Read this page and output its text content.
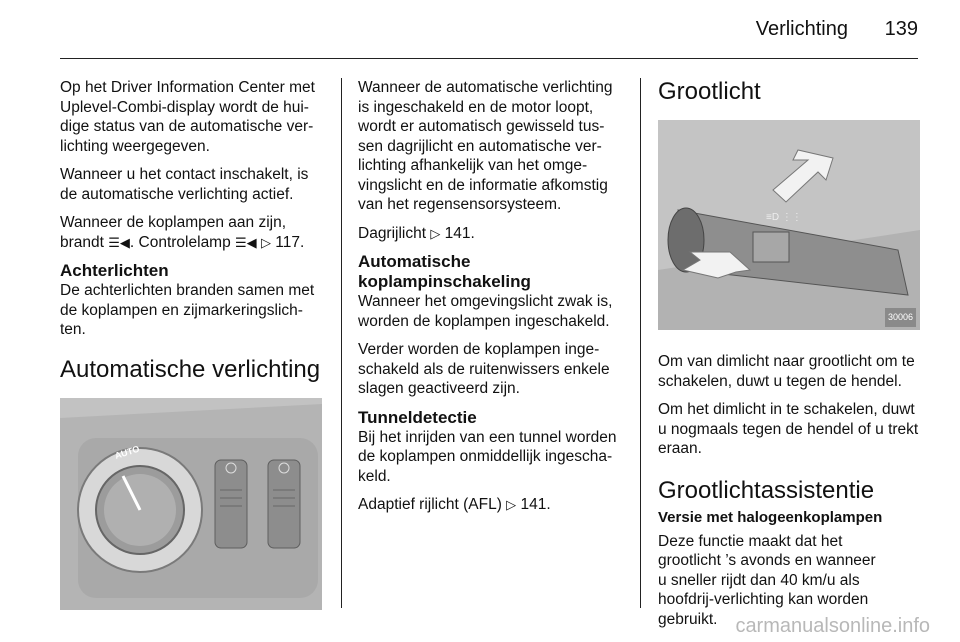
Verlichting	139

Op het Driver Information Center met Uplevel-Combi-display wordt de hui-dige status van de automatische ver-lichting weergegeven.

Wanneer u het contact inschakelt, is de automatische verlichting actief.

Wanneer de koplampen aan zijn, brandt ☰◀. Controlelamp ☰◀ ▷ 117.

Achterlichten

De achterlichten branden samen met de koplampen en zijmarkeringslich-ten.

Automatische verlichting
AUTO

Wanneer de automatische verlichting is ingeschakeld en de motor loopt, wordt er automatisch gewisseld tus-sen dagrijlicht en automatische ver-lichting afhankelijk van het omge-vingslicht en de informatie afkomstig van het regensensorsysteem.

Dagrijlicht ▷ 141.

Automatische koplampinschakeling

Wanneer het omgevingslicht zwak is, worden de koplampen ingeschakeld.

Verder worden de koplampen inge-schakeld als de ruitenwissers enkele slagen geactiveerd zijn.

Tunneldetectie

Bij het inrijden van een tunnel worden de koplampen onmiddellijk ingescha-keld.

Adaptief rijlicht (AFL) ▷ 141.

Grootlicht
≡D ⋮⋮
30006

Om van dimlicht naar grootlicht om te schakelen, duwt u tegen de hendel.

Om het dimlicht in te schakelen, duwt u nogmaals tegen de hendel of u trekt eraan.

Grootlichtassistentie
Versie met halogeenkoplampen

Deze functie maakt dat het grootlicht ’s avonds en wanneer u sneller rijdt dan 40 km/u als hoofdrij-verlichting kan worden gebruikt. carmanualsonline.info
